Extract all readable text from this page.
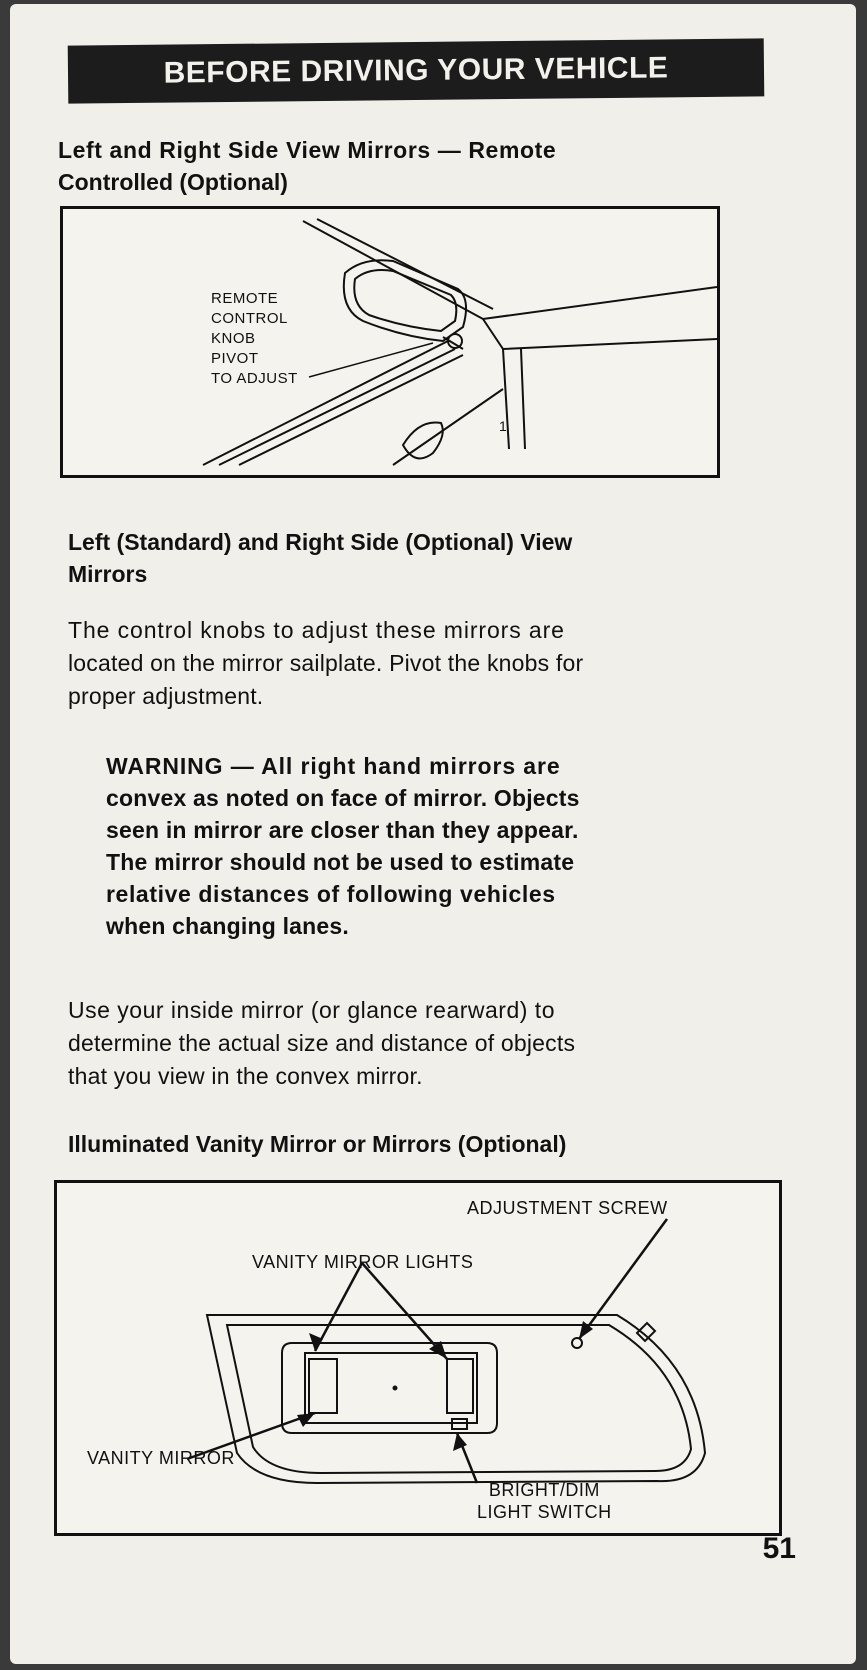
BEFORE DRIVING YOUR VEHICLE
Left and Right Side View Mirrors — Remote
Controlled (Optional)
1
REMOTE
CONTROL
KNOB
PIVOT
TO ADJUST
Left (Standard) and Right Side (Optional) View
Mirrors
The control knobs to adjust these mirrors are
located on the mirror sailplate. Pivot the knobs for
proper adjustment.
WARNING — All right hand mirrors are
convex as noted on face of mirror. Objects
seen in mirror are closer than they appear.
The mirror should not be used to estimate
relative distances of following vehicles
when changing lanes.
Use your inside mirror (or glance rearward) to
determine the actual size and distance of objects
that you view in the convex mirror.
Illuminated Vanity Mirror or Mirrors (Optional)
ADJUSTMENT SCREW
VANITY MIRROR LIGHTS
VANITY MIRROR
BRIGHT/DIM
LIGHT SWITCH
51
